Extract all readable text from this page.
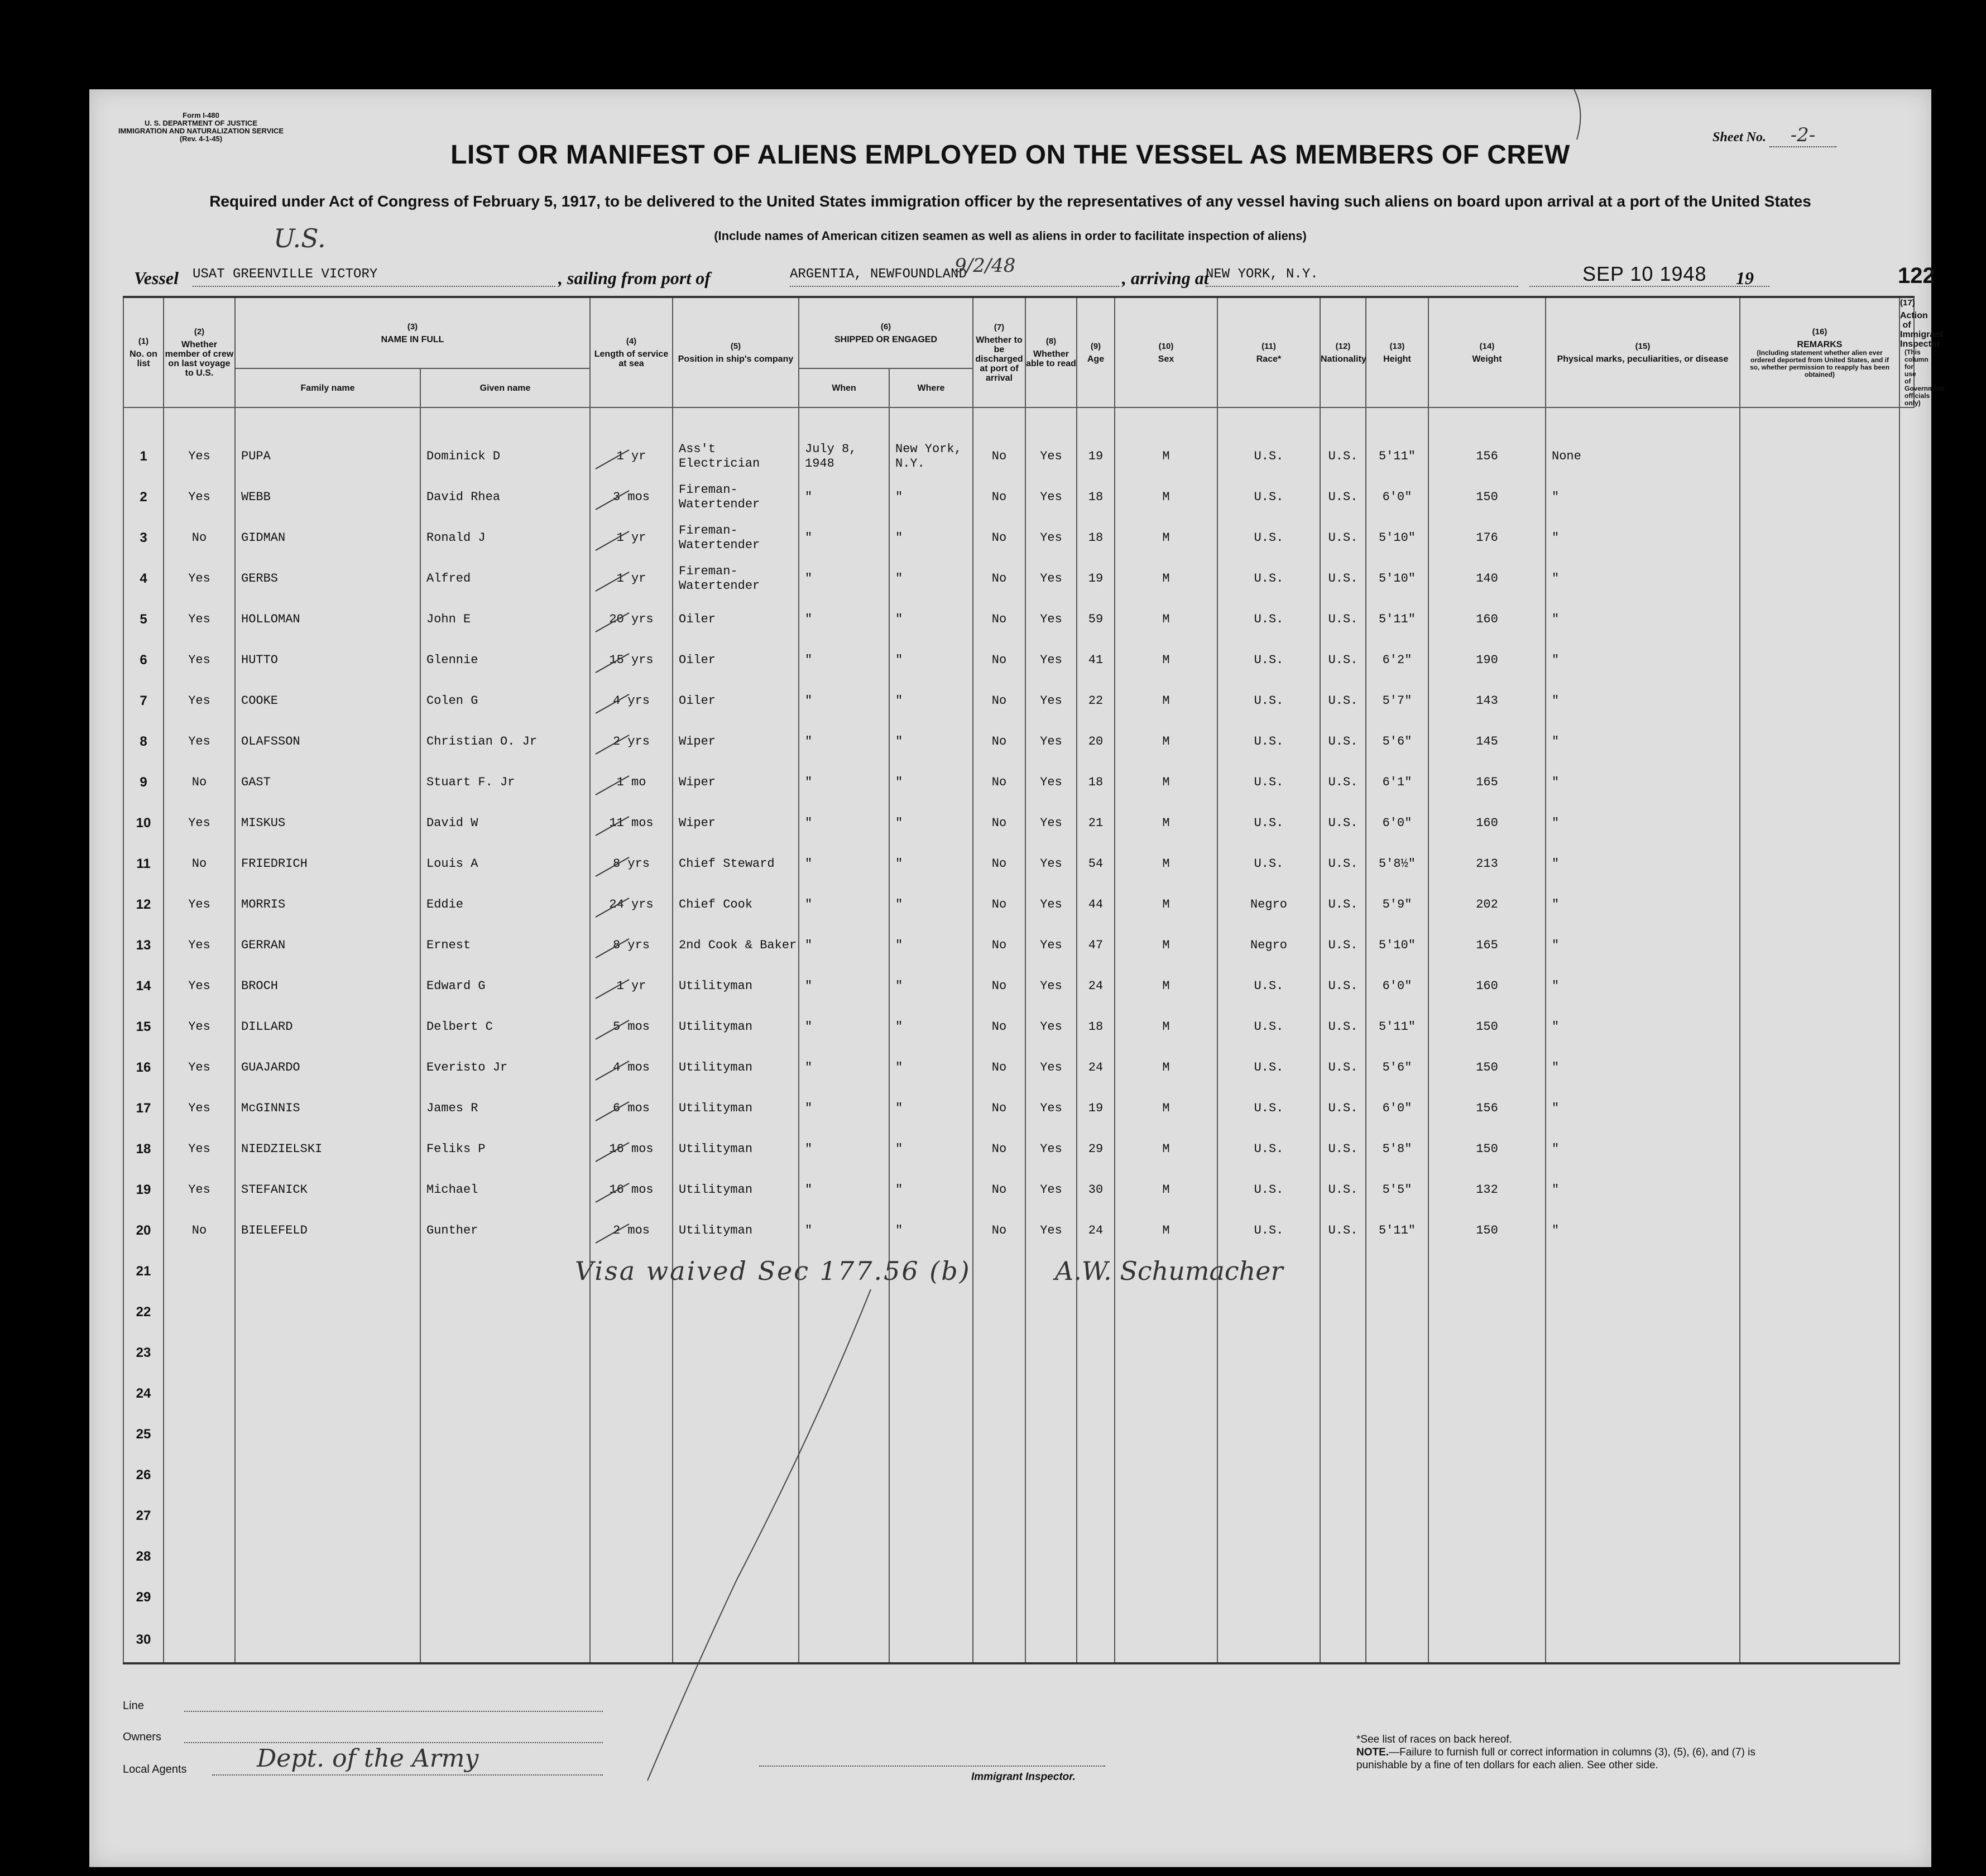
Form I-480
U. S. DEPARTMENT OF JUSTICE
IMMIGRATION AND NATURALIZATION SERVICE
(Rev. 4-1-45)	Sheet No. -2-
LIST OR MANIFEST OF ALIENS EMPLOYED ON THE VESSEL AS MEMBERS OF CREW
Required under Act of Congress of February 5, 1917, to be delivered to the United States immigration officer by the representatives of any vessel having such aliens on board upon arrival at a port of the United States
(Include names of American citizen seamen as well as aliens in order to facilitate inspection of aliens)
U.S.
Vessel USAT GREENVILLE VICTORY	, sailing from port of	ARGENTIA, NEWFOUNDLAND
9/2/48
, arriving at
NEW YORK, N.Y.	SEP 10 1948 19	122
(1)
No. on list	(2)
Whether member of crew on last voyage to U.S.	(3)
NAME IN FULL		(4)
Length of service at sea	(5)
Position in ship's company	(6)
SHIPPED OR ENGAGED		(7)
Whether to be discharged at port of arrival	(8)
Whether able to read	(9)
Age	(10)
Sex	(11)
Race*	(12)
Nationality	(13)
Height	(14)
Weight	(15)
Physical marks, peculiarities, or disease	(16)
REMARKS
(Including statement whether alien ever ordered deported from United States, and if so, whether permission to reapply has been obtained)	(17)
Action of Immigrant Inspector
(This column for use of Government officials only)

		Family name	Given name			When	Where											
1	Yes	PUPA	Dominick D	1 yr	Ass't Electrician	July 8, 1948	New York, N.Y.	No	Yes	19	M	U.S.	U.S.	5'11"	156	None		
2	Yes	WEBB	David Rhea	3 mos	Fireman-Watertender	"	"	No	Yes	18	M	U.S.	U.S.	6'0"	150	"		
3	No	GIDMAN	Ronald J	1 yr	Fireman-Watertender	"	"	No	Yes	18	M	U.S.	U.S.	5'10"	176	"		
4	Yes	GERBS	Alfred	1 yr	Fireman-Watertender	"	"	No	Yes	19	M	U.S.	U.S.	5'10"	140	"		
5	Yes	HOLLOMAN	John E	20 yrs	Oiler	"	"	No	Yes	59	M	U.S.	U.S.	5'11"	160	"		
6	Yes	HUTTO	Glennie	15 yrs	Oiler	"	"	No	Yes	41	M	U.S.	U.S.	6'2"	190	"		
7	Yes	COOKE	Colen G	4 yrs	Oiler	"	"	No	Yes	22	M	U.S.	U.S.	5'7"	143	"		
8	Yes	OLAFSSON	Christian O. Jr	2 yrs	Wiper	"	"	No	Yes	20	M	U.S.	U.S.	5'6"	145	"		
9	No	GAST	Stuart F. Jr	1 mo	Wiper	"	"	No	Yes	18	M	U.S.	U.S.	6'1"	165	"		
10	Yes	MISKUS	David W	11 mos	Wiper	"	"	No	Yes	21	M	U.S.	U.S.	6'0"	160	"		
11	No	FRIEDRICH	Louis A	8 yrs	Chief Steward	"	"	No	Yes	54	M	U.S.	U.S.	5'8½"	213	"		
12	Yes	MORRIS	Eddie	24 yrs	Chief Cook	"	"	No	Yes	44	M	Negro	U.S.	5'9"	202	"		
13	Yes	GERRAN	Ernest	8 yrs	2nd Cook & Baker	"	"	No	Yes	47	M	Negro	U.S.	5'10"	165	"		
14	Yes	BROCH	Edward G	1 yr	Utilityman	"	"	No	Yes	24	M	U.S.	U.S.	6'0"	160	"		
15	Yes	DILLARD	Delbert C	5 mos	Utilityman	"	"	No	Yes	18	M	U.S.	U.S.	5'11"	150	"		
16	Yes	GUAJARDO	Everisto Jr	4 mos	Utilityman	"	"	No	Yes	24	M	U.S.	U.S.	5'6"	150	"		
17	Yes	McGINNIS	James R	6 mos	Utilityman	"	"	No	Yes	19	M	U.S.	U.S.	6'0"	156	"		
18	Yes	NIEDZIELSKI	Feliks P	16 mos	Utilityman	"	"	No	Yes	29	M	U.S.	U.S.	5'8"	150	"		
19	Yes	STEFANICK	Michael	16 mos	Utilityman	"	"	No	Yes	30	M	U.S.	U.S.	5'5"	132	"		
20	No	BIELEFELD	Gunther	2 mos	Utilityman	"	"	No	Yes	24	M	U.S.	U.S.	5'11"	150	"		
21																		
22																		
23																		
24																		
25																		
26																		
27																		
28																		
29																		
30																		
Visa waived Sec 177.56 (b)	A.W. Schumacher
Line
Owners
Local Agents	Dept. of the Army
Immigrant Inspector.
*See list of races on back hereof.
NOTE.—Failure to furnish full or correct information in columns (3), (5), (6), and (7) is punishable by a fine of ten dollars for each alien. See other side.
